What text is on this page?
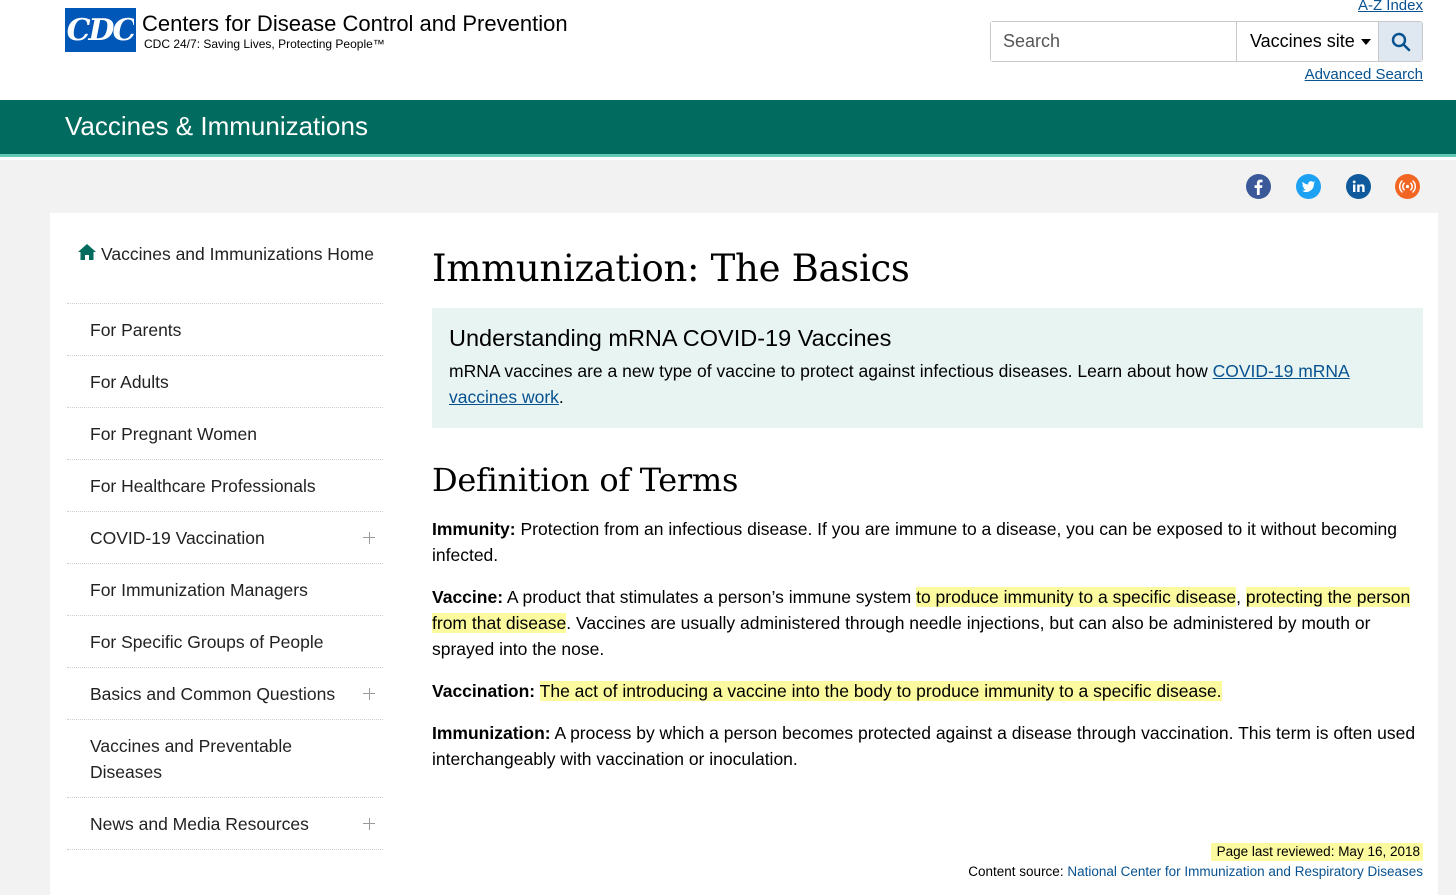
CDC Centers for Disease Control and Prevention
CDC 24/7: Saving Lives, Protecting People™
A-Z Index
Search
Vaccines site
Advanced Search
Vaccines & Immunizations
Vaccines and Immunizations Home
For Parents
For Adults
For Pregnant Women
For Healthcare Professionals
COVID-19 Vaccination
For Immunization Managers
For Specific Groups of People
Basics and Common Questions
Vaccines and Preventable Diseases
News and Media Resources
Immunization: The Basics
Understanding mRNA COVID-19 Vaccines

mRNA vaccines are a new type of vaccine to protect against infectious diseases. Learn about how COVID-19 mRNA vaccines work.

Definition of Terms

Immunity: Protection from an infectious disease. If you are immune to a disease, you can be exposed to it without becoming infected.

Vaccine: A product that stimulates a person’s immune system to produce immunity to a specific disease, protecting the person from that disease. Vaccines are usually administered through needle injections, but can also be administered by mouth or sprayed into the nose.

Vaccination: The act of introducing a vaccine into the body to produce immunity to a specific disease.

Immunization: A process by which a person becomes protected against a disease through vaccination. This term is often used interchangeably with vaccination or inoculation.

Page last reviewed: May 16, 2018
Content source: National Center for Immunization and Respiratory Diseases
